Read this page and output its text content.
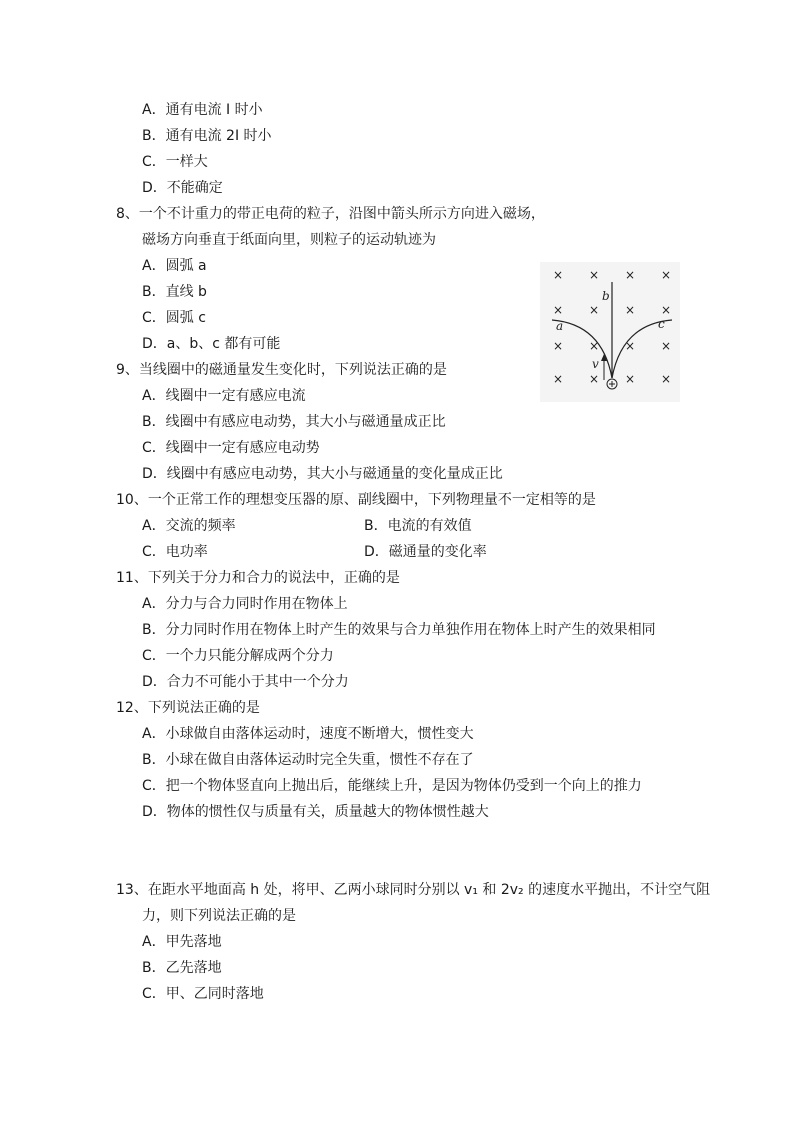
A．通有电流 I 时小
B．通有电流 2I 时小
C．一样大
D．不能确定
8、一个不计重力的带正电荷的粒子，沿图中箭头所示方向进入磁场，
磁场方向垂直于纸面向里，则粒子的运动轨迹为
A．圆弧 a
B．直线 b
C．圆弧 c
D．a、b、c 都有可能
× × × ×
× × × ×
× × × ×
× × × ×
b
a	c
v
9、当线圈中的磁通量发生变化时，下列说法正确的是
A．线圈中一定有感应电流
B．线圈中有感应电动势，其大小与磁通量成正比
C．线圈中一定有感应电动势
D．线圈中有感应电动势，其大小与磁通量的变化量成正比
10、一个正常工作的理想变压器的原、副线圈中，下列物理量不一定相等的是
A．交流的频率	B．电流的有效值
C．电功率	D．磁通量的变化率
11、下列关于分力和合力的说法中，正确的是
A．分力与合力同时作用在物体上
B．分力同时作用在物体上时产生的效果与合力单独作用在物体上时产生的效果相同
C．一个力只能分解成两个分力
D．合力不可能小于其中一个分力
12、下列说法正确的是
A．小球做自由落体运动时，速度不断增大，惯性变大
B．小球在做自由落体运动时完全失重，惯性不存在了
C．把一个物体竖直向上抛出后，能继续上升，是因为物体仍受到一个向上的推力
D．物体的惯性仅与质量有关，质量越大的物体惯性越大
13、在距水平地面高 h 处，将甲、乙两小球同时分别以 v₁ 和 2v₂ 的速度水平抛出，不计空气阻
力，则下列说法正确的是
A．甲先落地
B．乙先落地
C．甲、乙同时落地
